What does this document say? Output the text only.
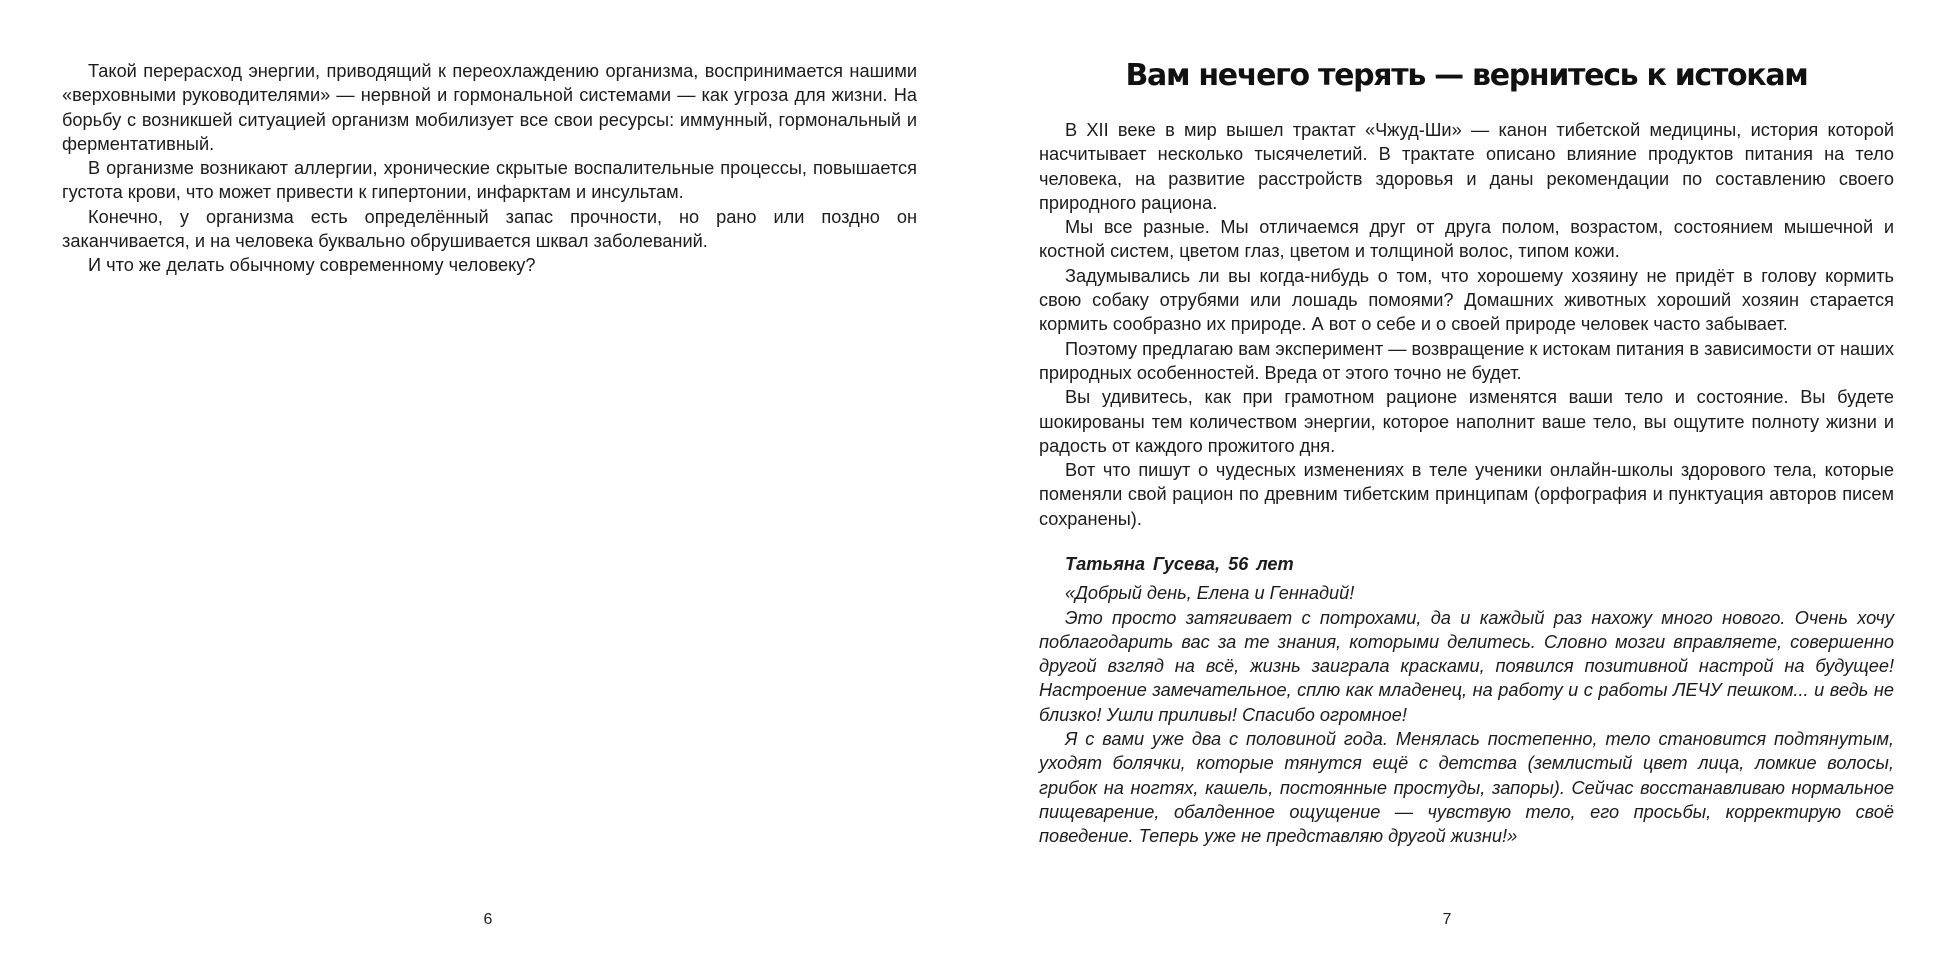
Такой перерасход энергии, приводящий к переохлаждению организма, воспринимается нашими «верховными руководителями» — нервной и гормональной системами — как угроза для жизни. На борьбу с возникшей ситуацией организм мобилизует все свои ресурсы: иммунный, гормональный и ферментативный.

В организме возникают аллергии, хронические скрытые воспалительные процессы, повышается густота крови, что может привести к гипертонии, инфарктам и инсультам.

Конечно, у организма есть определённый запас прочности, но рано или поздно он заканчивается, и на человека буквально обрушивается шквал заболеваний.

И что же делать обычному современному человеку?

6
Вам нечего терять — вернитесь к истокам

В XII веке в мир вышел трактат «Чжуд-Ши» — канон тибетской медицины, история которой насчитывает несколько тысячелетий. В трактате описано влияние продуктов питания на тело человека, на развитие расстройств здоровья и даны рекомендации по составлению своего природного рациона.

Мы все разные. Мы отличаемся друг от друга полом, возрастом, состоянием мышечной и костной систем, цветом глаз, цветом и толщиной волос, типом кожи.

Задумывались ли вы когда-нибудь о том, что хорошему хозяину не придёт в голову кормить свою собаку отрубями или лошадь помоями? Домашних животных хороший хозяин старается кормить сообразно их природе. А вот о себе и о своей природе человек часто забывает.

Поэтому предлагаю вам эксперимент — возвращение к истокам питания в зависимости от наших природных особенностей. Вреда от этого точно не будет.

Вы удивитесь, как при грамотном рационе изменятся ваши тело и состояние. Вы будете шокированы тем количеством энергии, которое наполнит ваше тело, вы ощутите полноту жизни и радость от каждого прожитого дня.

Вот что пишут о чудесных изменениях в теле ученики онлайн-школы здорового тела, которые поменяли свой рацион по древним тибетским принципам (орфография и пунктуация авторов писем сохранены).

Татьяна Гусева, 56 лет

«Добрый день, Елена и Геннадий!

Это просто затягивает с потрохами, да и каждый раз нахожу много нового. Очень хочу поблагодарить вас за те знания, которыми делитесь. Словно мозги вправляете, совершенно другой взгляд на всё, жизнь заиграла красками, появился позитивной настрой на будущее! Настроение замечательное, сплю как младенец, на работу и с работы ЛЕЧУ пешком... и ведь не близко! Ушли приливы! Спасибо огромное!

Я с вами уже два с половиной года. Менялась постепенно, тело становится подтянутым, уходят болячки, которые тянутся ещё с детства (землистый цвет лица, ломкие волосы, грибок на ногтях, кашель, постоянные простуды, запоры). Сейчас восстанавливаю нормальное пищеварение, обалденное ощущение — чувствую тело, его просьбы, корректирую своё поведение. Теперь уже не представляю другой жизни!»

7
